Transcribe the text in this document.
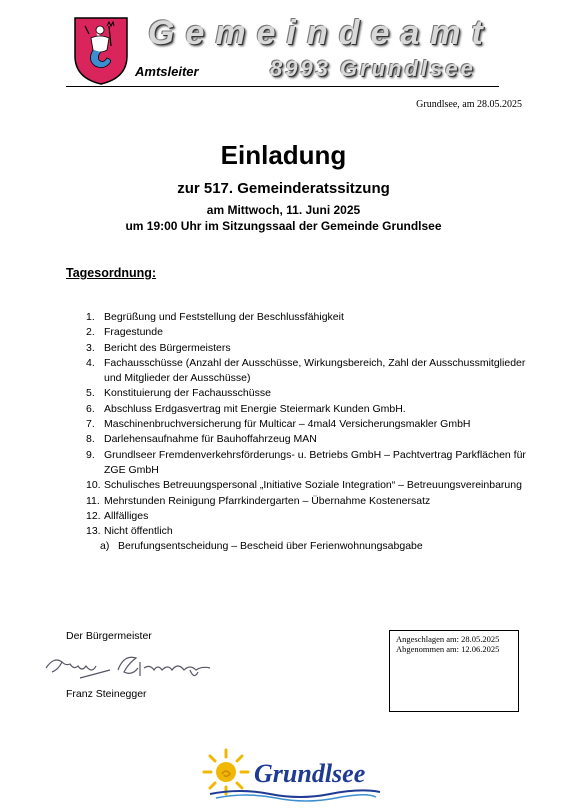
Gemeindeamt
Amtsleiter	8993 Grundlsee
Grundlsee, am 28.05.2025
Einladung
zur 517. Gemeinderatssitzung
am Mittwoch, 11. Juni 2025
um 19:00 Uhr im Sitzungssaal der Gemeinde Grundlsee
Tagesordnung:
1. Begrüßung und Feststellung der Beschlussfähigkeit
2. Fragestunde
3. Bericht des Bürgermeisters
4. Fachausschüsse (Anzahl der Ausschüsse, Wirkungsbereich, Zahl der Ausschussmitglieder und Mitglieder der Ausschüsse)
5. Konstituierung der Fachausschüsse
6. Abschluss Erdgasvertrag mit Energie Steiermark Kunden GmbH.
7. Maschinenbruchversicherung für Multicar – 4mal4 Versicherungsmakler GmbH
8. Darlehensaufnahme für Bauhoffahrzeug MAN
9. Grundlseer Fremdenverkehrsförderungs- u. Betriebs GmbH – Pachtvertrag Parkflächen für ZGE GmbH
10. Schulisches Betreuungspersonal „Initiative Soziale Integration“ – Betreuungsvereinbarung
11. Mehrstunden Reinigung Pfarrkindergarten – Übernahme Kostenersatz
12. Allfälliges
13. Nicht öffentlich
a) Berufungsentscheidung – Bescheid über Ferienwohnungsabgabe
Der Bürgermeister
Franz Steinegger
Angeschlagen am: 28.05.2025
Abgenommen am: 12.06.2025
Grundlsee
